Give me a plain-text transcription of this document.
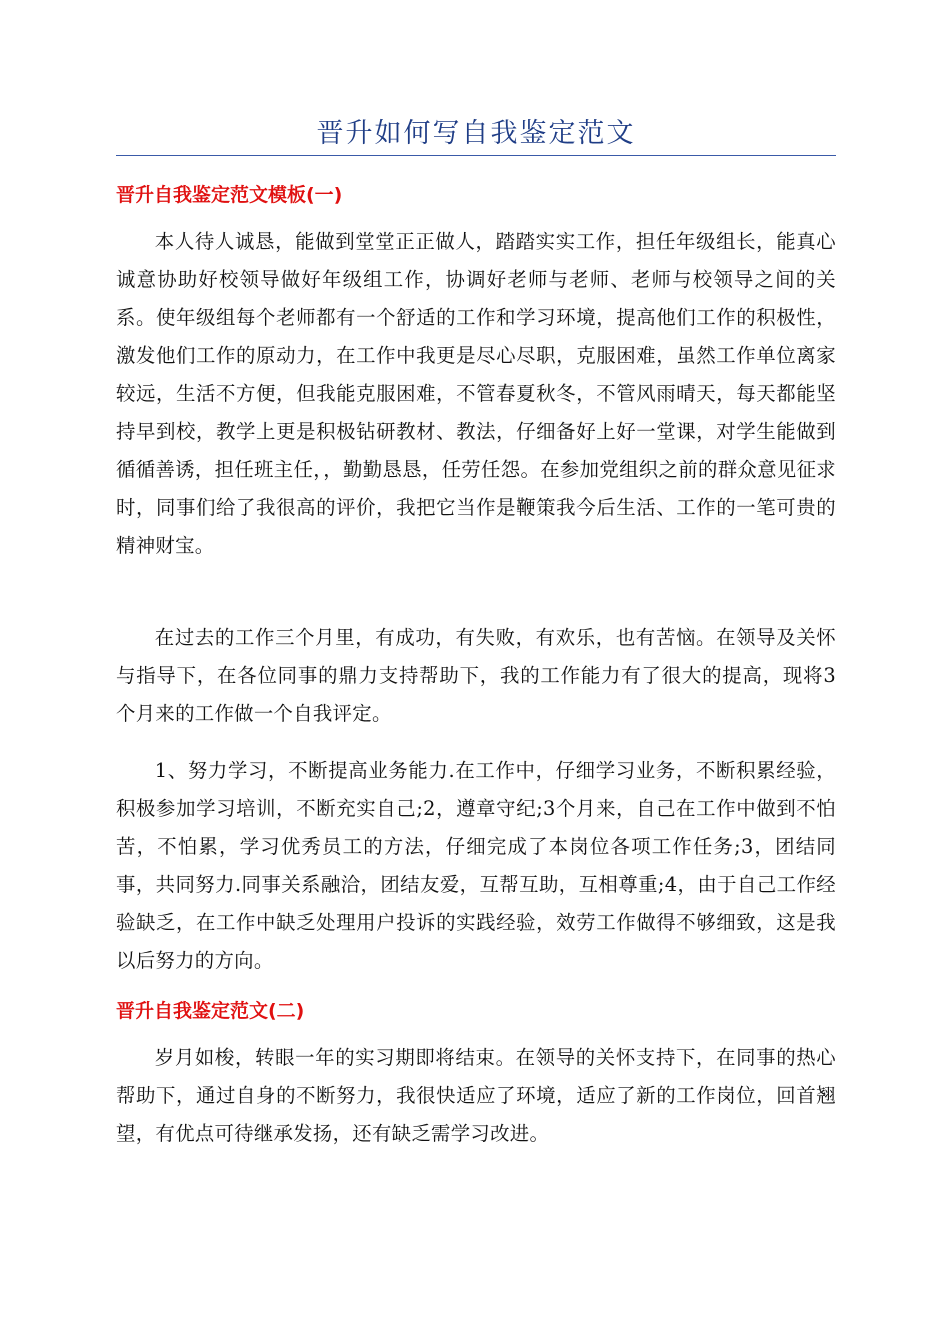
晋升如何写自我鉴定范文
晋升自我鉴定范文模板(一)

本人待人诚恳，能做到堂堂正正做人，踏踏实实工作，担任年级组长，能真心诚意协助好校领导做好年级组工作，协调好老师与老师、老师与校领导之间的关系。使年级组每个老师都有一个舒适的工作和学习环境，提高他们工作的积极性，激发他们工作的原动力，在工作中我更是尽心尽职，克服困难，虽然工作单位离家较远，生活不方便，但我能克服困难，不管春夏秋冬，不管风雨晴天，每天都能坚持早到校，教学上更是积极钻研教材、教法，仔细备好上好一堂课，对学生能做到循循善诱，担任班主任，，勤勤恳恳，任劳任怨。在参加党组织之前的群众意见征求时，同事们给了我很高的评价，我把它当作是鞭策我今后生活、工作的一笔可贵的精神财宝。

在过去的工作三个月里，有成功，有失败，有欢乐，也有苦恼。在领导及关怀与指导下，在各位同事的鼎力支持帮助下，我的工作能力有了很大的提高，现将3个月来的工作做一个自我评定。

1、努力学习，不断提高业务能力.在工作中，仔细学习业务，不断积累经验，积极参加学习培训，不断充实自己;2，遵章守纪;3个月来，自己在工作中做到不怕苦，不怕累，学习优秀员工的方法，仔细完成了本岗位各项工作任务;3，团结同事，共同努力.同事关系融洽，团结友爱，互帮互助，互相尊重;4，由于自己工作经验缺乏，在工作中缺乏处理用户投诉的实践经验，效劳工作做得不够细致，这是我以后努力的方向。

晋升自我鉴定范文(二)

岁月如梭，转眼一年的实习期即将结束。在领导的关怀支持下，在同事的热心帮助下，通过自身的不断努力，我很快适应了环境，适应了新的工作岗位，回首翘望，有优点可待继承发扬，还有缺乏需学习改进。
